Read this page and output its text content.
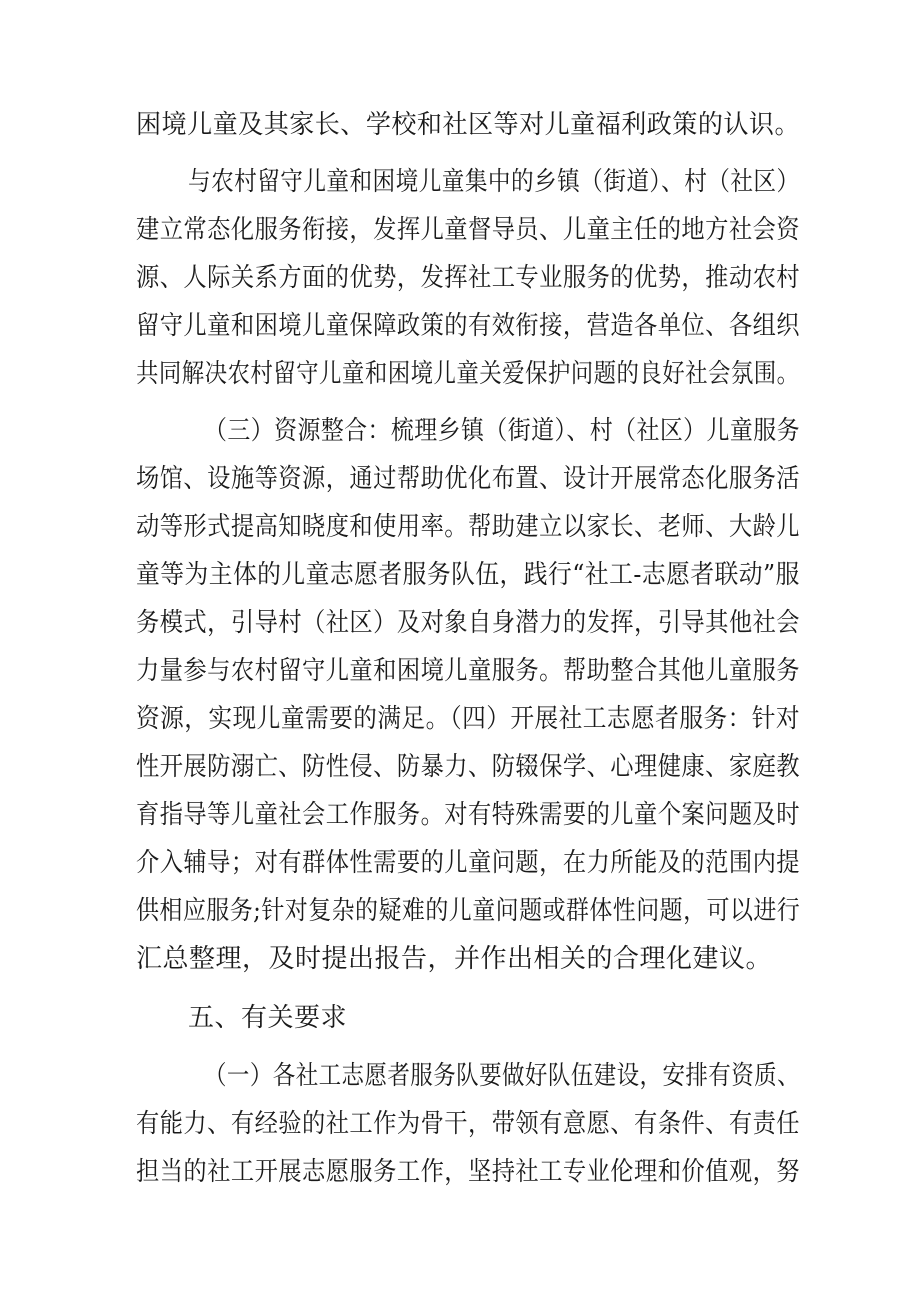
困境儿童及其家长、学校和社区等对儿童福利政策的认识。
与农村留守儿童和困境儿童集中的乡镇（街道）、村（社区）
建立常态化服务衔接，发挥儿童督导员、儿童主任的地方社会资
源、人际关系方面的优势，发挥社工专业服务的优势，推动农村
留守儿童和困境儿童保障政策的有效衔接，营造各单位、各组织
共同解决农村留守儿童和困境儿童关爱保护问题的良好社会氛围。
（三）资源整合：梳理乡镇（街道）、村（社区）儿童服务
场馆、设施等资源，通过帮助优化布置、设计开展常态化服务活
动等形式提高知晓度和使用率。帮助建立以家长、老师、大龄儿
童等为主体的儿童志愿者服务队伍，践行“社工-志愿者联动”服
务模式，引导村（社区）及对象自身潜力的发挥，引导其他社会
力量参与农村留守儿童和困境儿童服务。帮助整合其他儿童服务
资源，实现儿童需要的满足。（四）开展社工志愿者服务：针对
性开展防溺亡、防性侵、防暴力、防辍保学、心理健康、家庭教
育指导等儿童社会工作服务。对有特殊需要的儿童个案问题及时
介入辅导；对有群体性需要的儿童问题，在力所能及的范围内提
供相应服务;针对复杂的疑难的儿童问题或群体性问题，可以进行
汇总整理，及时提出报告，并作出相关的合理化建议。
五、有关要求
（一）各社工志愿者服务队要做好队伍建设，安排有资质、
有能力、有经验的社工作为骨干，带领有意愿、有条件、有责任
担当的社工开展志愿服务工作，坚持社工专业伦理和价值观，努
